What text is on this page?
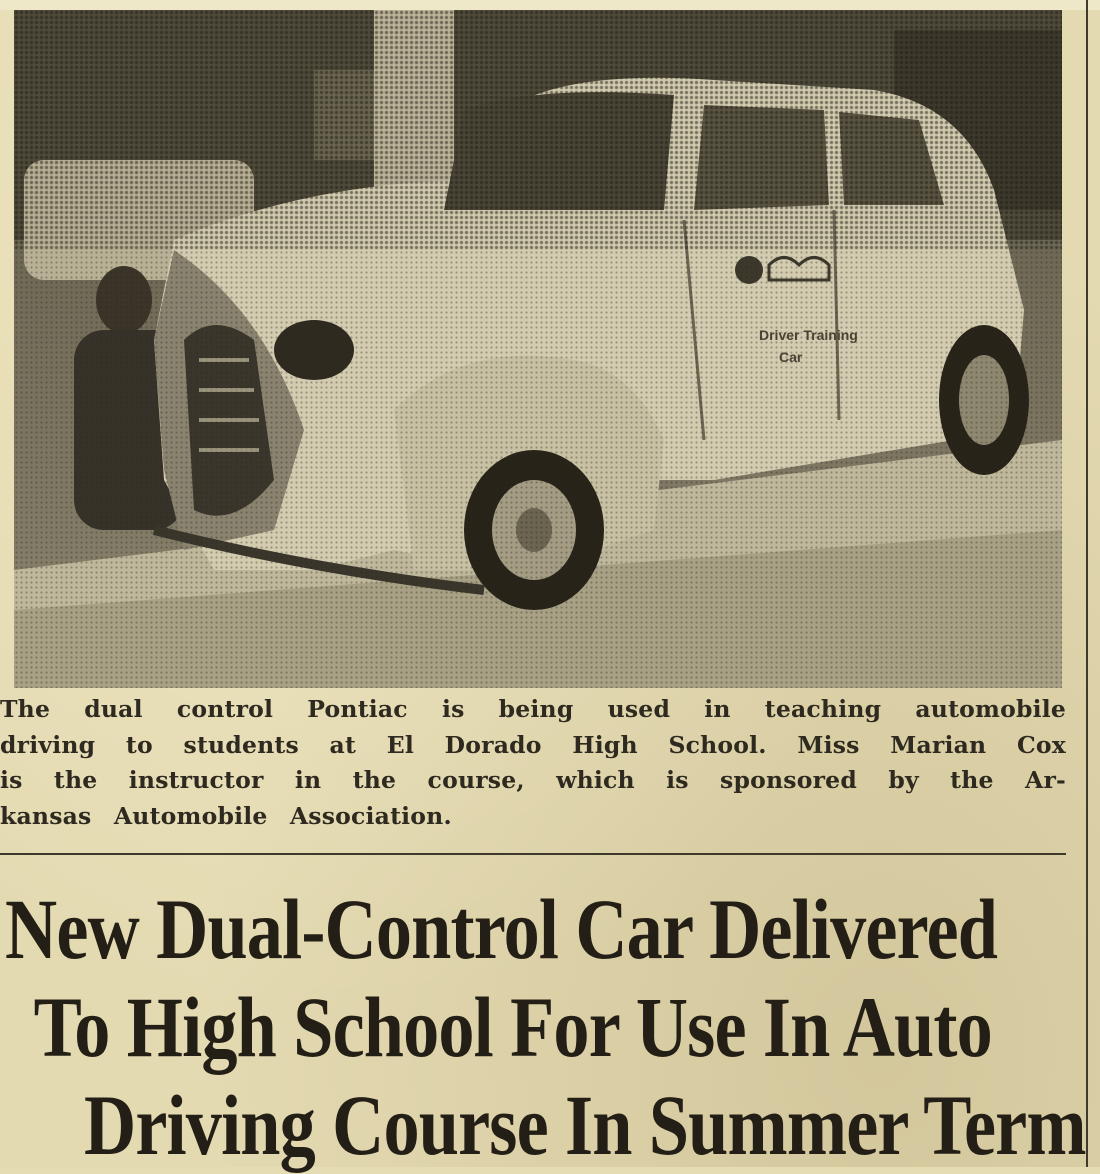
The dual control Pontiac is being used in teaching automobile
driving to students at El Dorado High School. Miss Marian Cox
is the instructor in the course, which is sponsored by the Ar-
kansas Automobile Association.
New Dual-Control Car Delivered
To High School For Use In Auto
Driving Course In Summer Term
